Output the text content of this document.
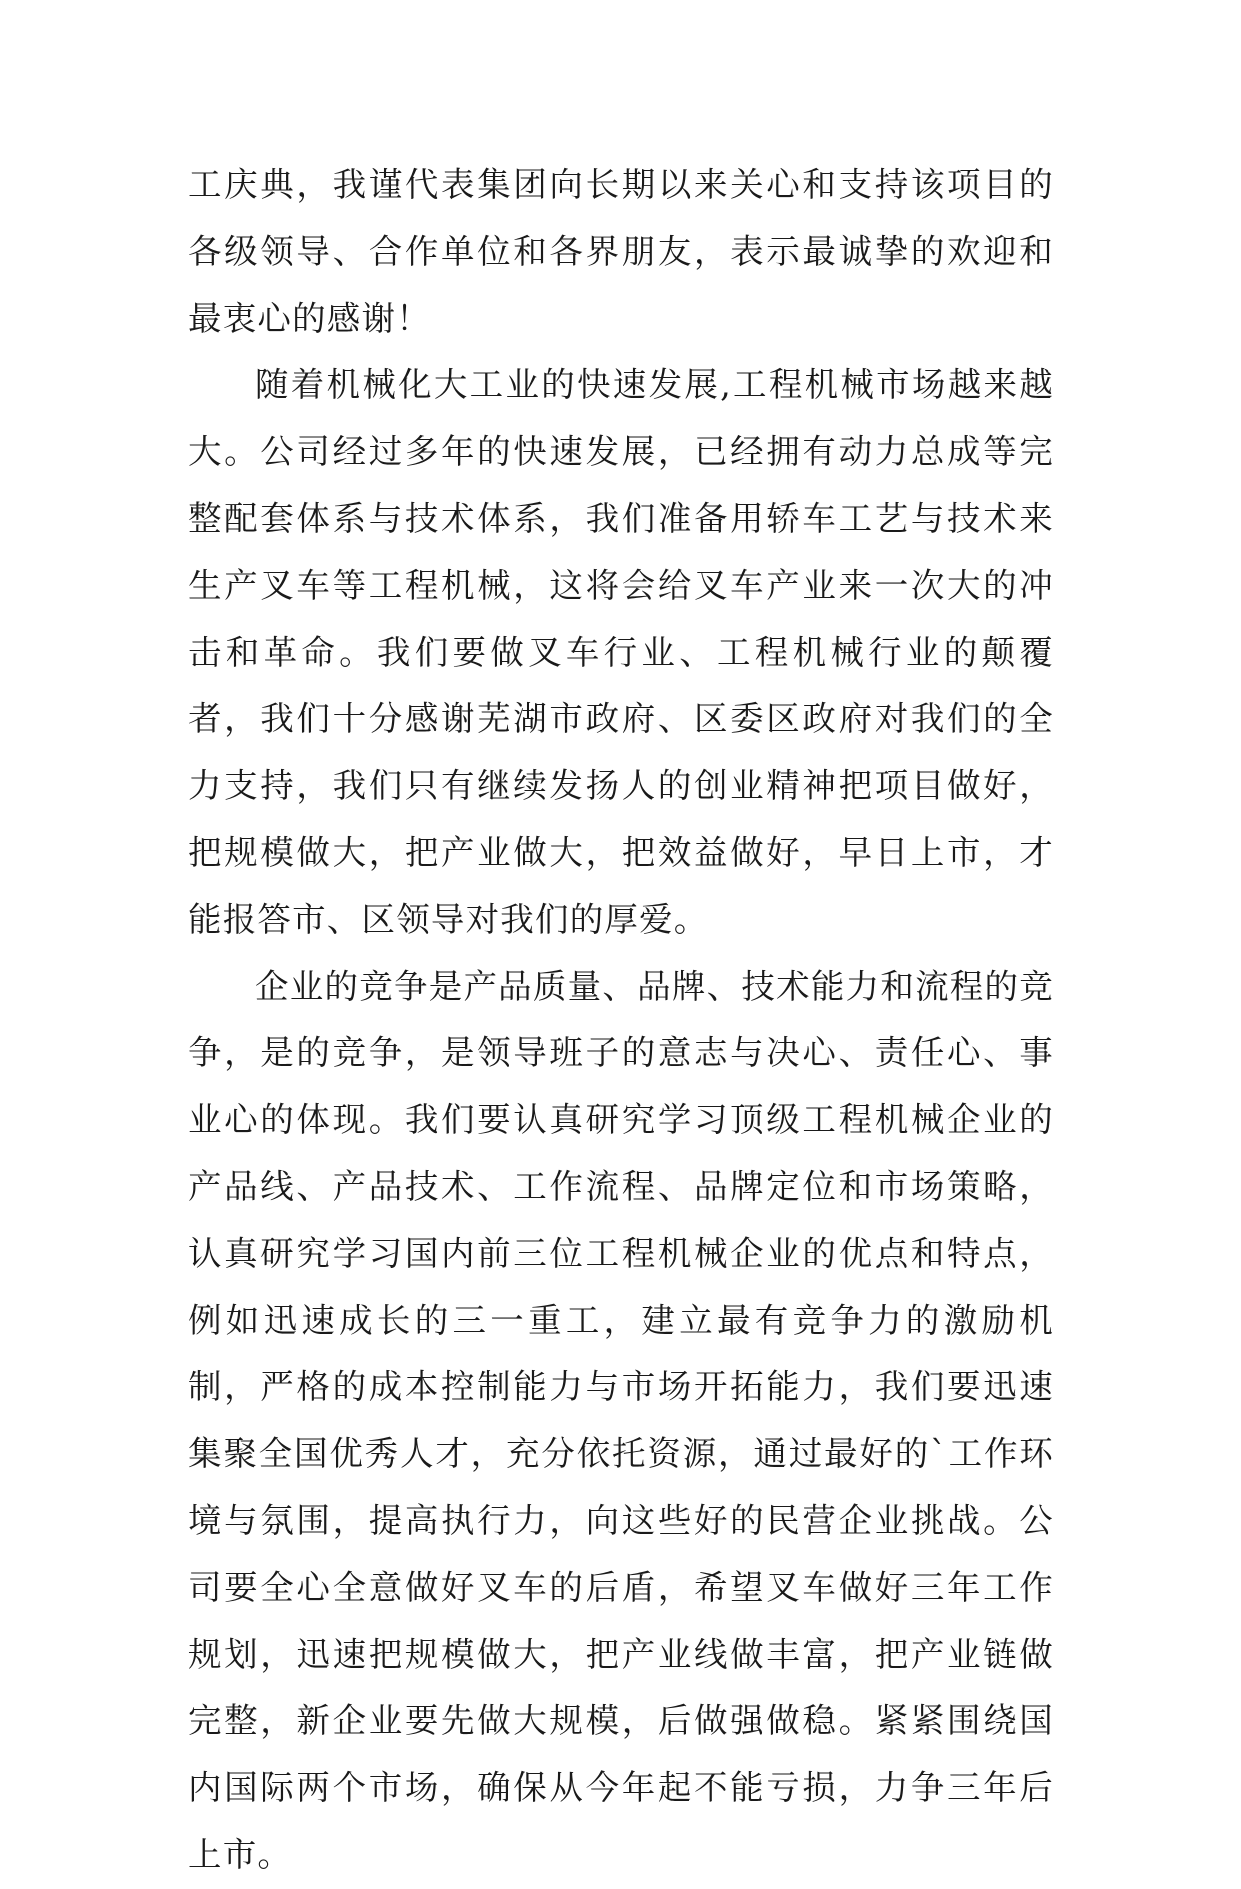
工庆典，我谨代表集团向长期以来关心和支持该项目的各级领导、合作单位和各界朋友，表示最诚挚的欢迎和最衷心的感谢！

随着机械化大工业的快速发展,工程机械市场越来越大。公司经过多年的快速发展，已经拥有动力总成等完整配套体系与技术体系，我们准备用轿车工艺与技术来生产叉车等工程机械，这将会给叉车产业来一次大的冲击和革命。我们要做叉车行业、工程机械行业的颠覆者，我们十分感谢芜湖市政府、区委区政府对我们的全力支持，我们只有继续发扬人的创业精神把项目做好，把规模做大，把产业做大，把效益做好，早日上市，才能报答市、区领导对我们的厚爱。

企业的竞争是产品质量、品牌、技术能力和流程的竞争，是的竞争，是领导班子的意志与决心、责任心、事业心的体现。我们要认真研究学习顶级工程机械企业的产品线、产品技术、工作流程、品牌定位和市场策略，认真研究学习国内前三位工程机械企业的优点和特点，例如迅速成长的三一重工，建立最有竞争力的激励机制，严格的成本控制能力与市场开拓能力，我们要迅速集聚全国优秀人才，充分依托资源，通过最好的`工作环境与氛围，提高执行力，向这些好的民营企业挑战。公司要全心全意做好叉车的后盾，希望叉车做好三年工作规划，迅速把规模做大，把产业线做丰富，把产业链做完整，新企业要先做大规模，后做强做稳。紧紧围绕国内国际两个市场，确保从今年起不能亏损，力争三年后上市。
